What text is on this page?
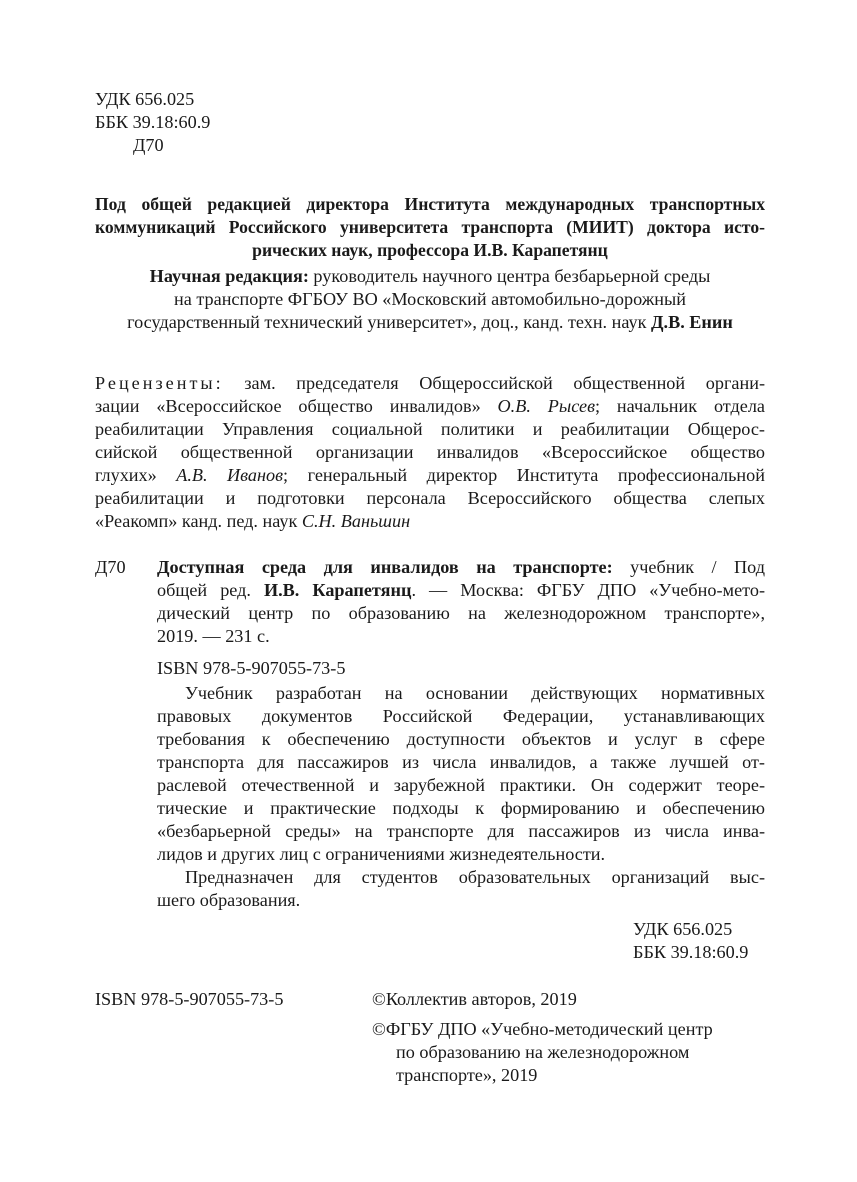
УДК 656.025
ББК 39.18:60.9
Д70
Под общей редакцией директора Института международных транспортных
коммуникаций Российского университета транспорта (МИИТ) доктора исто-
рических наук, профессора И.В. Карапетянц
Научная редакция: руководитель научного центра безбарьерной среды
на транспорте ФГБОУ ВО «Московский автомобильно-дорожный
государственный технический университет», доц., канд. техн. наук Д.В. Енин
Рецензенты: зам. председателя Общероссийской общественной органи-
зации «Всероссийское общество инвалидов» О.В. Рысев; начальник отдела
реабилитации Управления социальной политики и реабилитации Общерос-
сийской общественной организации инвалидов «Всероссийское общество
глухих» А.В. Иванов; генеральный директор Института профессиональной
реабилитации и подготовки персонала Всероссийского общества слепых
«Реакомп» канд. пед. наук С.Н. Ваньшин
Д70 Доступная среда для инвалидов на транспорте: учебник / Под
общей ред. И.В. Карапетянц. — Москва: ФГБУ ДПО «Учебно-мето-
дический центр по образованию на железнодорожном транспорте»,
2019. — 231 с.
ISBN 978-5-907055-73-5
Учебник разработан на основании действующих нормативных
правовых документов Российской Федерации, устанавливающих
требования к обеспечению доступности объектов и услуг в сфере
транспорта для пассажиров из числа инвалидов, а также лучшей от-
раслевой отечественной и зарубежной практики. Он содержит теоре-
тические и практические подходы к формированию и обеспечению
«безбарьерной среды» на транспорте для пассажиров из числа инва-
лидов и других лиц с ограничениями жизнедеятельности.
Предназначен для студентов образовательных организаций выс-
шего образования.
УДК 656.025
ББК 39.18:60.9
ISBN 978-5-907055-73-5	©Коллектив авторов, 2019
©ФГБУ ДПО «Учебно-методический центр
по образованию на железнодорожном
транспорте», 2019
